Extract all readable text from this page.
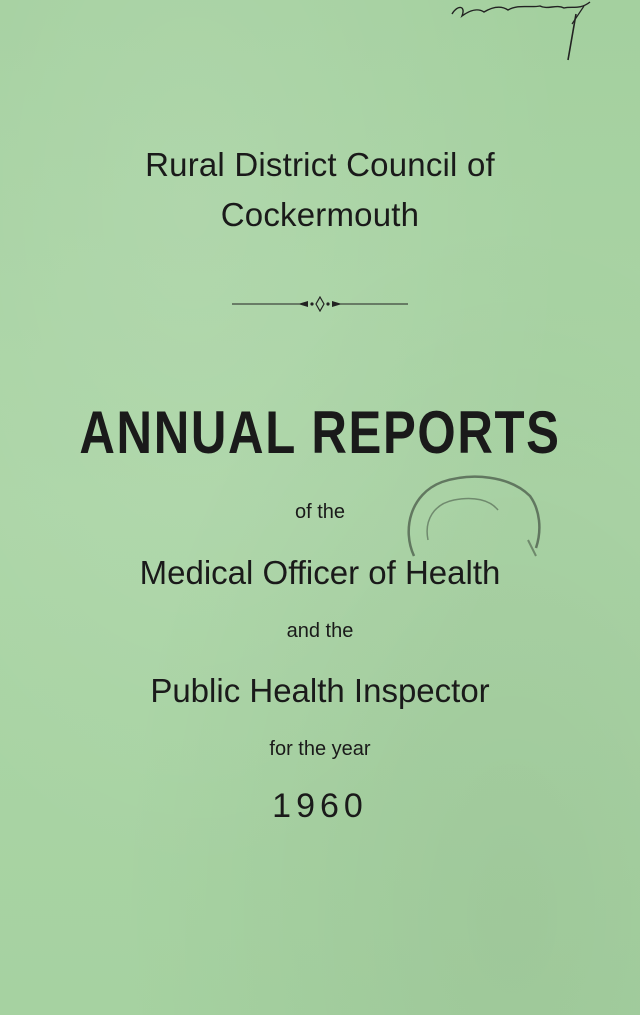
Rural District Council of
Cockermouth
ANNUAL REPORTS
of the
Medical Officer of Health
and the
Public Health Inspector
for the year
1960
